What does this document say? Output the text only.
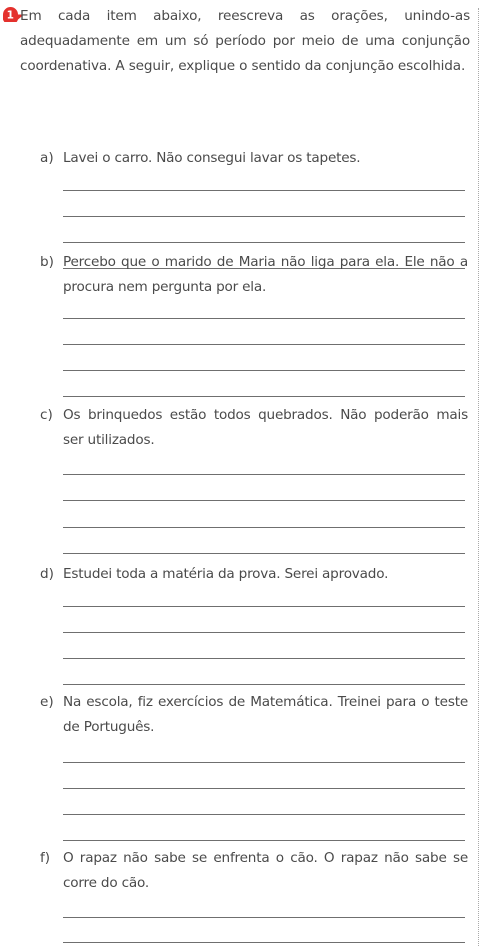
1 Em cada item abaixo, reescreva as orações, unindo-as adequadamente em um só período por meio de uma conjunção coordenativa. A seguir, explique o sentido da conjunção escolhida.

a) Lavei o carro. Não consegui lavar os tapetes.

b) Percebo que o marido de Maria não liga para ela. Ele não a procura nem pergunta por ela.

c) Os brinquedos estão todos quebrados. Não poderão mais ser utilizados.

d) Estudei toda a matéria da prova. Serei aprovado.

e) Na escola, fiz exercícios de Matemática. Treinei para o teste de Português.

f) O rapaz não sabe se enfrenta o cão. O rapaz não sabe se corre do cão.
